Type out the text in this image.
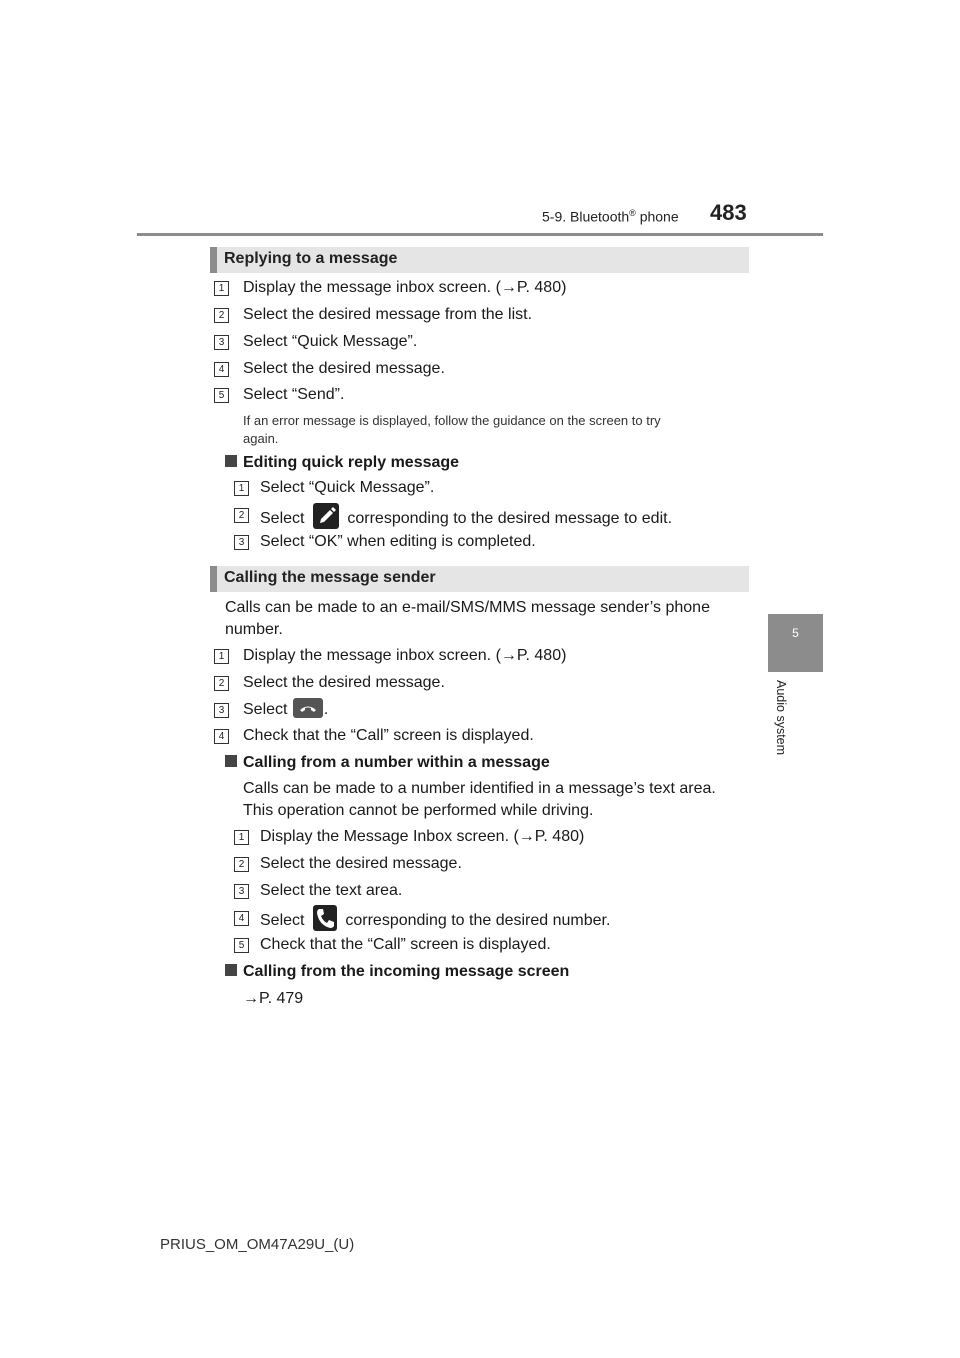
5-9. Bluetooth® phone 483
5
Audio system
Replying to a message
1 Display the message inbox screen. (→P. 480)
2 Select the desired message from the list.
3 Select “Quick Message”.
4 Select the desired message.
5 Select “Send”.
If an error message is displayed, follow the guidance on the screen to try
again.
Editing quick reply message
1 Select “Quick Message”.
2 Select	corresponding to the desired message to edit.
3 Select “OK” when editing is completed.
Calling the message sender
Calls can be made to an e-mail/SMS/MMS message sender’s phone
number.
1 Display the message inbox screen. (→P. 480)
2 Select the desired message.
3 Select .
4 Check that the “Call” screen is displayed.
Calling from a number within a message
Calls can be made to a number identified in a message’s text area.
This operation cannot be performed while driving.
1 Display the Message Inbox screen. (→P. 480)
2 Select the desired message.
3 Select the text area.
4 Select	corresponding to the desired number.
5 Check that the “Call” screen is displayed.
Calling from the incoming message screen
→P. 479
PRIUS_OM_OM47A29U_(U)
